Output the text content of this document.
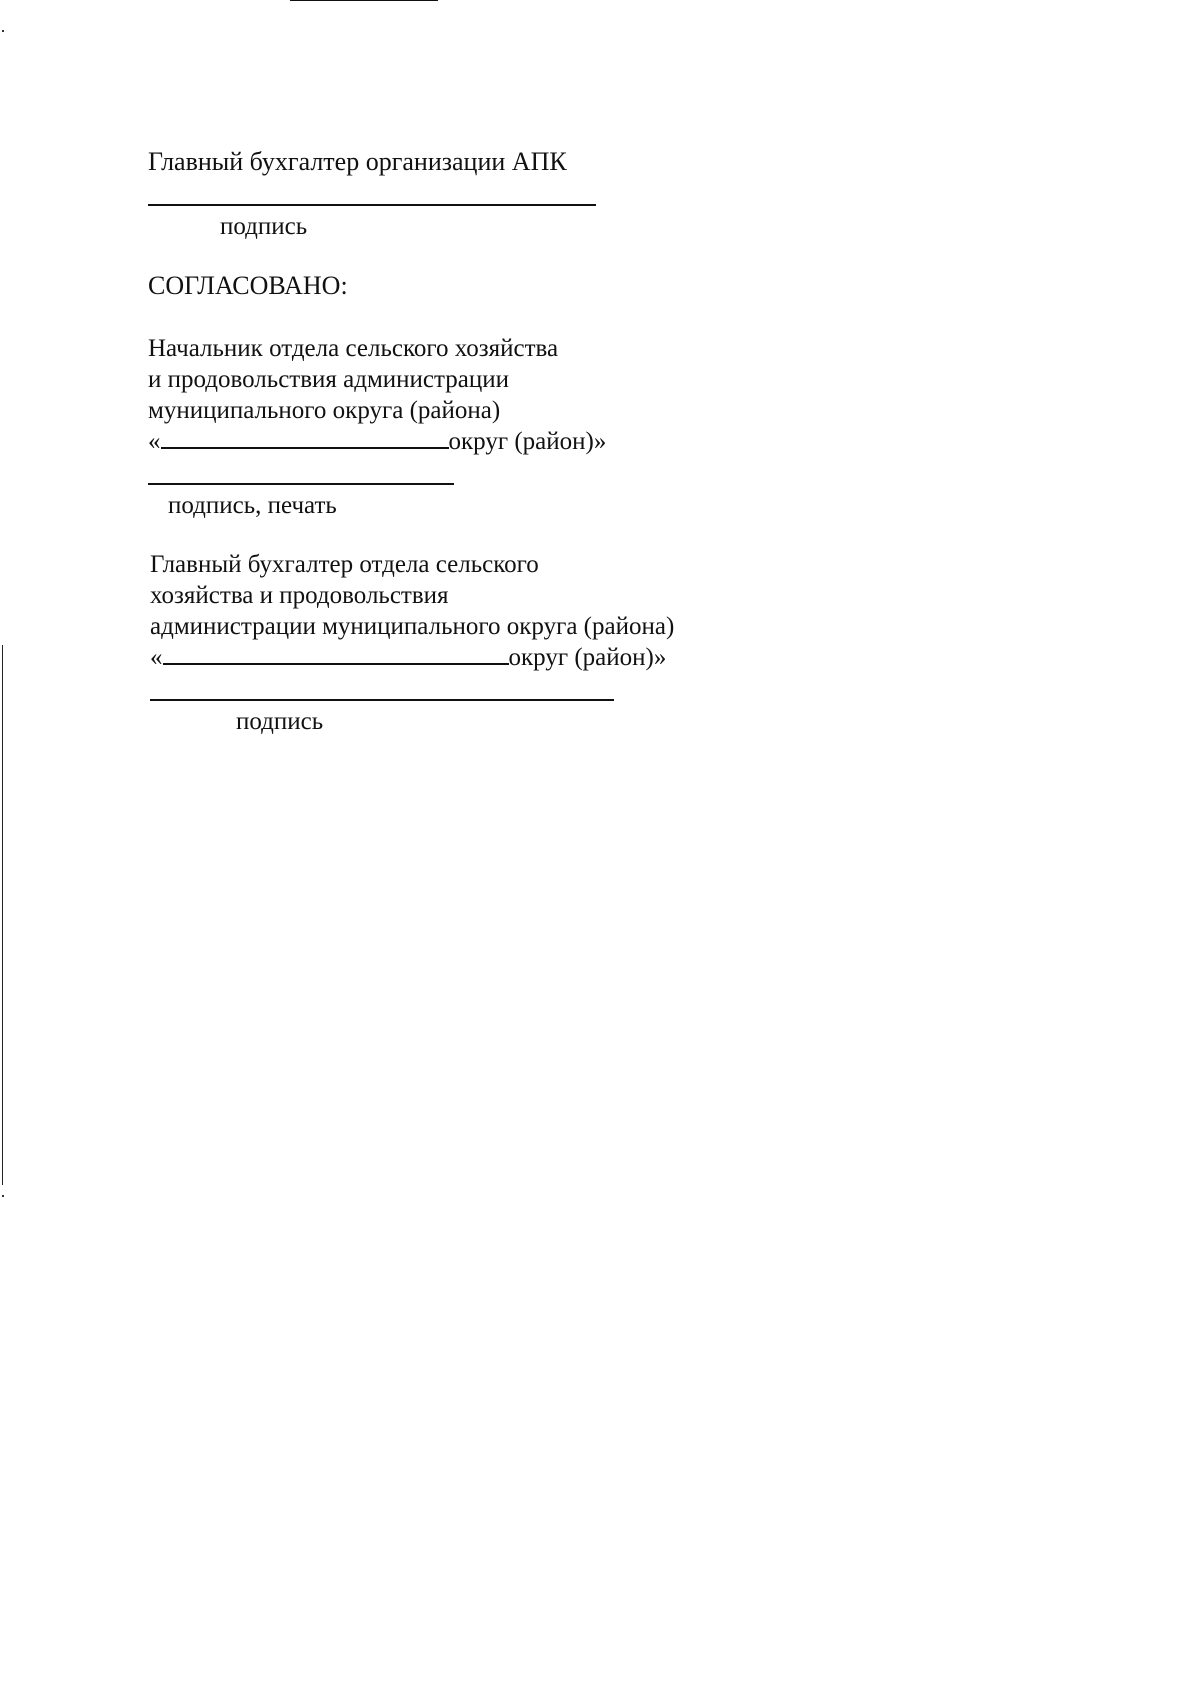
Главный бухгалтер организации АПК

подпись

СОГЛАСОВАНО:

Начальник отдела сельского хозяйства

и продовольствия администрации

муниципального округа (района)

«	округ (район)»

подпись, печать

Главный бухгалтер отдела сельского

хозяйства и продовольствия

администрации муниципального округа (района)

«	округ (район)»

подпись
